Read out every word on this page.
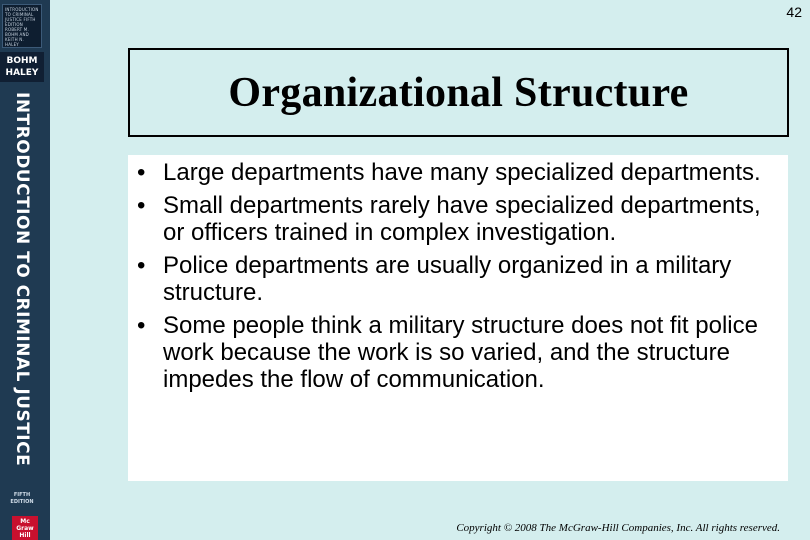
INTRODUCTION TO CRIMINAL JUSTICE FIFTH EDITION ROBERT M. BOHM AND KEITH N. HALEY
BOHM
HALEY
INTRODUCTION TO CRIMINAL JUSTICE
FIFTH
EDITION
Mc
Graw
Hill
42
Organizational Structure
• Large departments have many specialized departments.
• Small departments rarely have specialized departments, or officers trained in complex investigation.
• Police departments are usually organized in a military structure.
• Some people think a military structure does not fit police work because the work is so varied, and the structure impedes the flow of communication.
Copyright © 2008 The McGraw-Hill Companies, Inc. All rights reserved.
